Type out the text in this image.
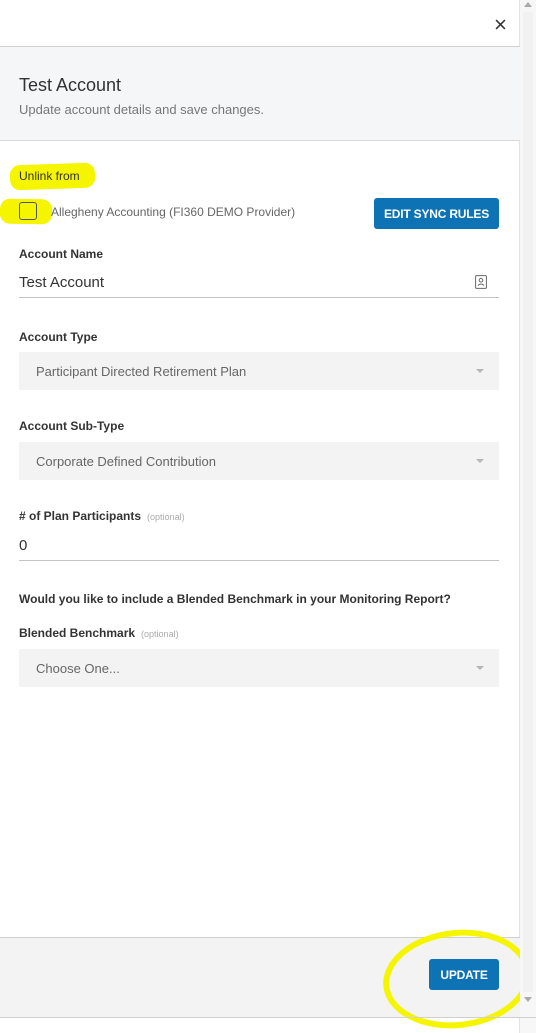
Test Account
Update account details and save changes.
Unlink from
Allegheny Accounting (FI360 DEMO Provider)	EDIT SYNC RULES
Account Name
Test Account
Account Type
Participant Directed Retirement Plan
Account Sub-Type
Corporate Defined Contribution
# of Plan Participants (optional)
0
Would you like to include a Blended Benchmark in your Monitoring Report?
Blended Benchmark (optional)
Choose One...
UPDATE
